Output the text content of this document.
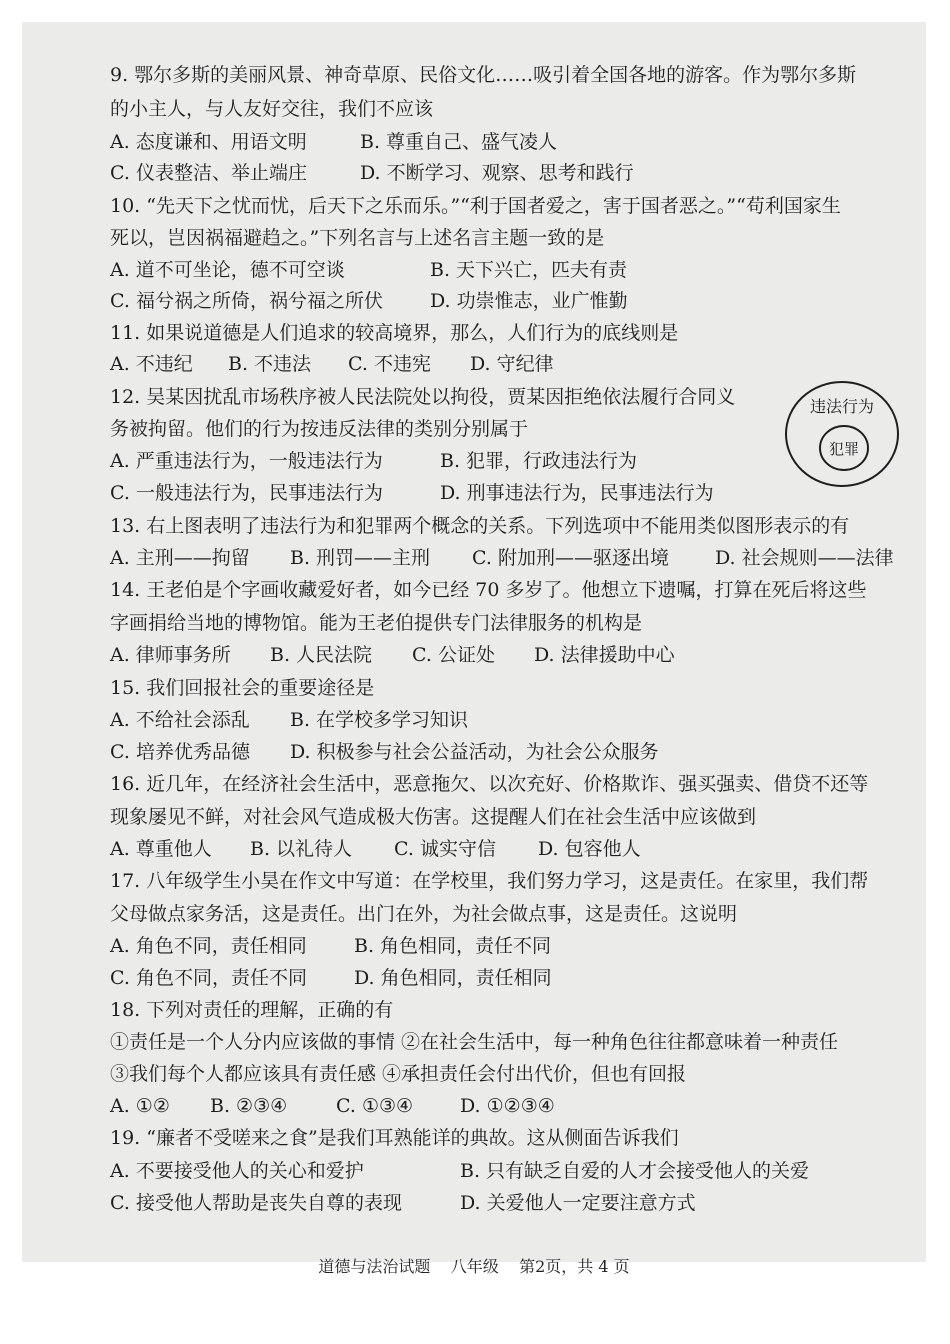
9. 鄂尔多斯的美丽风景、神奇草原、民俗文化……吸引着全国各地的游客。作为鄂尔多斯
的小主人，与人友好交往，我们不应该
A. 态度谦和、用语文明	B. 尊重自己、盛气凌人
C. 仪表整洁、举止端庄	D. 不断学习、观察、思考和践行
10. “先天下之忧而忧，后天下之乐而乐。”“利于国者爱之，害于国者恶之。”“苟利国家生
死以，岂因祸福避趋之。”下列名言与上述名言主题一致的是
A. 道不可坐论，德不可空谈	B. 天下兴亡，匹夫有责
C. 福兮祸之所倚，祸兮福之所伏 D. 功崇惟志，业广惟勤
11. 如果说道德是人们追求的较高境界，那么，人们行为的底线则是
A. 不违纪 B. 不违法 C. 不违宪 D. 守纪律
12. 吴某因扰乱市场秩序被人民法院处以拘役，贾某因拒绝依法履行合同义
务被拘留。他们的行为按违反法律的类别分别属于
A. 严重违法行为，一般违法行为	B. 犯罪，行政违法行为
C. 一般违法行为，民事违法行为	D. 刑事违法行为，民事违法行为
13. 右上图表明了违法行为和犯罪两个概念的关系。下列选项中不能用类似图形表示的有
A. 主刑——拘留 B. 刑罚——主刑 C. 附加刑——驱逐出境 D. 社会规则——法律
14. 王老伯是个字画收藏爱好者，如今已经 70 多岁了。他想立下遗嘱，打算在死后将这些
字画捐给当地的博物馆。能为王老伯提供专门法律服务的机构是
A. 律师事务所 B. 人民法院 C. 公证处 D. 法律援助中心
15. 我们回报社会的重要途径是
A. 不给社会添乱 B. 在学校多学习知识
C. 培养优秀品德 D. 积极参与社会公益活动，为社会公众服务
16. 近几年，在经济社会生活中，恶意拖欠、以次充好、价格欺诈、强买强卖、借贷不还等
现象屡见不鲜，对社会风气造成极大伤害。这提醒人们在社会生活中应该做到
A. 尊重他人 B. 以礼待人 C. 诚实守信 D. 包容他人
17. 八年级学生小昊在作文中写道：在学校里，我们努力学习，这是责任。在家里，我们帮
父母做点家务活，这是责任。出门在外，为社会做点事，这是责任。这说明
A. 角色不同，责任相同 B. 角色相同，责任不同
C. 角色不同，责任不同 D. 角色相同，责任相同
18. 下列对责任的理解，正确的有
①责任是一个人分内应该做的事情 ②在社会生活中，每一种角色往往都意味着一种责任
③我们每个人都应该具有责任感 ④承担责任会付出代价，但也有回报
A. ①② B. ②③④	C. ①③④ D. ①②③④
19. “廉者不受嗟来之食”是我们耳熟能详的典故。这从侧面告诉我们
A. 不要接受他人的关心和爱护	B. 只有缺乏自爱的人才会接受他人的关爱
C. 接受他人帮助是丧失自尊的表现	D. 关爱他人一定要注意方式
违法行为
犯罪
道德与法治试题 八年级 第2页，共 4 页
